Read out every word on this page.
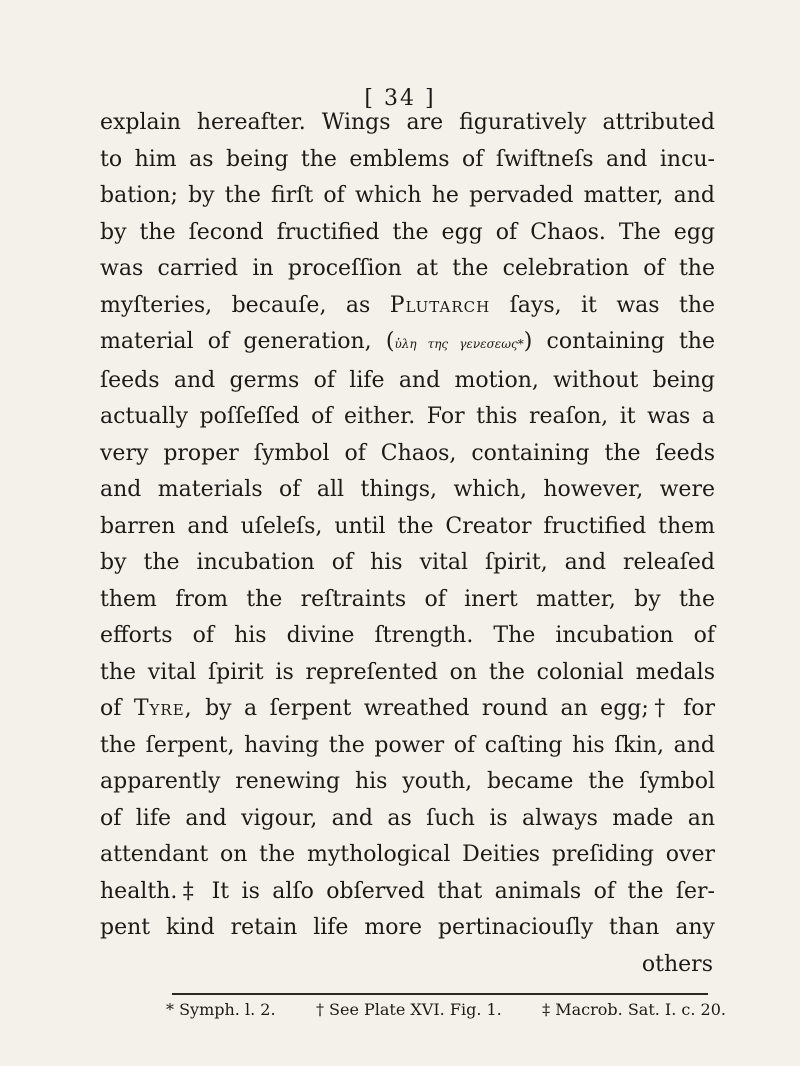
[ 34 ]
explain hereafter. Wings are figuratively attributed
to him as being the emblems of ſwiftneſs and incu-
bation; by the firſt of which he pervaded matter, and
by the ſecond fructified the egg of Chaos. The egg
was carried in proceſſion at the celebration of the
myſteries, becauſe, as Plutarch ſays, it was the
material of generation, (ὑλη της γενεσεως*) containing the
ſeeds and germs of life and motion, without being
actually poſſeſſed of either. For this reaſon, it was a
very proper ſymbol of Chaos, containing the ſeeds
and materials of all things, which, however, were
barren and uſeleſs, until the Creator fructified them
by the incubation of his vital ſpirit, and releaſed
them from the reſtraints of inert matter, by the
efforts of his divine ſtrength. The incubation of
the vital ſpirit is repreſented on the colonial medals
of Tyre, by a ſerpent wreathed round an egg;† for
the ſerpent, having the power of caſting his ſkin, and
apparently renewing his youth, became the ſymbol
of life and vigour, and as ſuch is always made an
attendant on the mythological Deities preſiding over
health.‡ It is alſo obſerved that animals of the ſer-
pent kind retain life more pertinaciouſly than any
others
* Symph. l. 2.	† See Plate XVI. Fig. 1.	‡ Macrob. Sat. I. c. 20.
